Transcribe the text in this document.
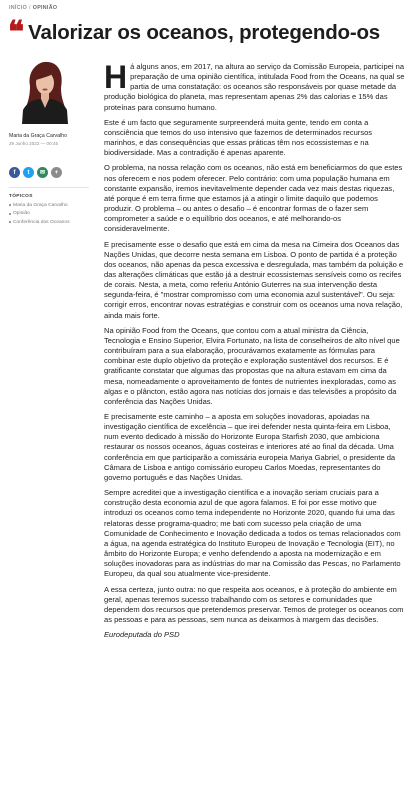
INÍCIO / OPINIÃO
❝ Valorizar os oceanos, protegendo-os
Maria da Graça Carvalho
29 Junho 2022 — 00:45
f t ✉ +
TÓPICOS
Maria da Graça Carvalho
Opinião
Conferência dos Oceanos

Há alguns anos, em 2017, na altura ao serviço da Comissão Europeia, participei na preparação de uma opinião científica, intitulada Food from the Oceans, na qual se partia de uma constatação: os oceanos são responsáveis por quase metade da produção biológica do planeta, mas representam apenas 2% das calorias e 15% das proteínas para consumo humano.

Este é um facto que seguramente surpreenderá muita gente, tendo em conta a consciência que temos do uso intensivo que fazemos de determinados recursos marinhos, e das consequências que essas práticas têm nos ecossistemas e na biodiversidade. Mas a contradição é apenas aparente.

O problema, na nossa relação com os oceanos, não está em beneficiarmos do que estes nos oferecem e nos podem oferecer. Pelo contrário: com uma população humana em constante expansão, iremos inevitavelmente depender cada vez mais destas riquezas, até porque é em terra firme que estamos já a atingir o limite daquilo que podemos produzir. O problema – ou antes o desafio – é encontrar formas de o fazer sem comprometer a saúde e o equilíbrio dos oceanos, e até melhorando-os consideravelmente.

E precisamente esse o desafio que está em cima da mesa na Cimeira dos Oceanos das Nações Unidas, que decorre nesta semana em Lisboa. O ponto de partida é a proteção dos oceanos, não apenas da pesca excessiva e desregulada, mas também da poluição e das alterações climáticas que estão já a destruir ecossistemas sensíveis como os recifes de corais. Nesta, a meta, como referiu António Guterres na sua intervenção desta segunda-feira, é "mostrar compromisso com uma economia azul sustentável". Ou seja: corrigir erros, encontrar novas estratégias e construir com os oceanos uma nova relação, ainda mais forte.

Na opinião Food from the Oceans, que contou com a atual ministra da Ciência, Tecnologia e Ensino Superior, Elvira Fortunato, na lista de conselheiros de alto nível que contribuíram para a sua elaboração, procurávamos exatamente as fórmulas para combinar este duplo objetivo da proteção e exploração sustentável dos recursos. E é gratificante constatar que algumas das propostas que na altura estavam em cima da mesa, nomeadamente o aproveitamento de fontes de nutrientes inexploradas, como as algas e o plâncton, estão agora nas notícias dos jornais e das televisões a propósito da conferência das Nações Unidas.

E precisamente este caminho – a aposta em soluções inovadoras, apoiadas na investigação científica de excelência – que irei defender nesta quinta-feira em Lisboa, num evento dedicado à missão do Horizonte Europa Starfish 2030, que ambiciona restaurar os nossos oceanos, águas costeiras e interiores até ao final da década. Uma conferência em que participarão a comissária europeia Mariya Gabriel, o presidente da Câmara de Lisboa e antigo comissário europeu Carlos Moedas, representantes do governo português e das Nações Unidas.

Sempre acreditei que a investigação científica e a inovação seriam cruciais para a construção desta economia azul de que agora falamos. E foi por esse motivo que introduzi os oceanos como tema independente no Horizonte 2020, quando fui uma das relatoras desse programa-quadro; me bati com sucesso pela criação de uma Comunidade de Conhecimento e Inovação dedicada a todos os temas relacionados com a água, na agenda estratégica do Instituto Europeu de Inovação e Tecnologia (EIT), no âmbito do Horizonte Europa; e venho defendendo a aposta na modernização e em soluções inovadoras para as indústrias do mar na Comissão das Pescas, no Parlamento Europeu, da qual sou atualmente vice-presidente.

A essa certeza, junto outra: no que respeita aos oceanos, e à proteção do ambiente em geral, apenas teremos sucesso trabalhando com os setores e comunidades que dependem dos recursos que pretendemos preservar. Temos de proteger os oceanos com as pessoas e para as pessoas, sem nunca as deixarmos à margem das decisões.

Eurodeputada do PSD
